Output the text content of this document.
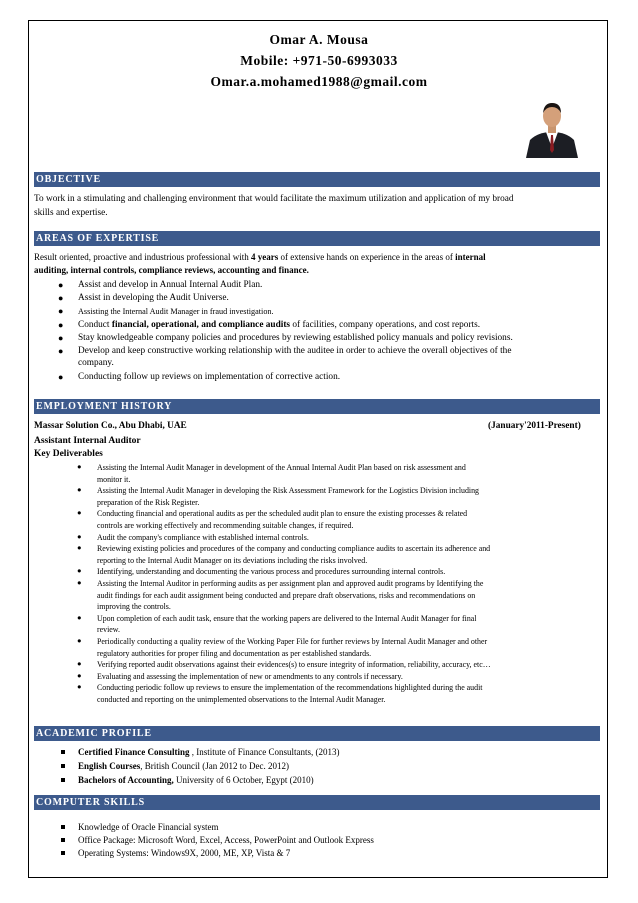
Omar A. Mousa
Mobile: +971-50-6993033
Omar.a.mohamed1988@gmail.com
OBJECTIVE
To work in a stimulating and challenging environment that would facilitate the maximum utilization and application of my broad
skills and expertise.
AREAS OF EXPERTISE
Result oriented, proactive and industrious professional with 4 years of extensive hands on experience in the areas of internal
auditing, internal controls, compliance reviews, accounting and finance.
● Assist and develop in Annual Internal Audit Plan.
● Assist in developing the Audit Universe.
● Assisting the Internal Audit Manager in fraud investigation.
● Conduct financial, operational, and compliance audits of facilities, company operations, and cost reports.
● Stay knowledgeable company policies and procedures by reviewing established policy manuals and policy revisions.
● Develop and keep constructive working relationship with the auditee in order to achieve the overall objectives of the
company.
● Conducting follow up reviews on implementation of corrective action.
EMPLOYMENT HISTORY
Massar Solution Co., Abu Dhabi, UAE	(January'2011-Present)
Assistant Internal Auditor
Key Deliverables
● Assisting the Internal Audit Manager in development of the Annual Internal Audit Plan based on risk assessment and
monitor it.
● Assisting the Internal Audit Manager in developing the Risk Assessment Framework for the Logistics Division including
preparation of the Risk Register.
● Conducting financial and operational audits as per the scheduled audit plan to ensure the existing processes & related
controls are working effectively and recommending suitable changes, if required.
● Audit the company's compliance with established internal controls.
● Reviewing existing policies and procedures of the company and conducting compliance audits to ascertain its adherence and
reporting to the Internal Audit Manager on its deviations including the risks involved.
● Identifying, understanding and documenting the various process and procedures surrounding internal controls.
● Assisting the Internal Auditor in performing audits as per assignment plan and approved audit programs by Identifying the
audit findings for each audit assignment being conducted and prepare draft observations, risks and recommendations on
improving the controls.
● Upon completion of each audit task, ensure that the working papers are delivered to the Internal Audit Manager for final
review.
● Periodically conducting a quality review of the Working Paper File for further reviews by Internal Audit Manager and other
regulatory authorities for proper filing and documentation as per established standards.
● Verifying reported audit observations against their evidences(s) to ensure integrity of information, reliability, accuracy, etc…
● Evaluating and assessing the implementation of new or amendments to any controls if necessary.
● Conducting periodic follow up reviews to ensure the implementation of the recommendations highlighted during the audit
conducted and reporting on the unimplemented observations to the Internal Audit Manager.
ACADEMIC PROFILE
Certified Finance Consulting , Institute of Finance Consultants, (2013)
English Courses, British Council (Jan 2012 to Dec. 2012)
Bachelors of Accounting, University of 6 October, Egypt (2010)
COMPUTER SKILLS
Knowledge of Oracle Financial system
Office Package: Microsoft Word, Excel, Access, PowerPoint and Outlook Express
Operating Systems: Windows9X, 2000, ME, XP, Vista & 7
